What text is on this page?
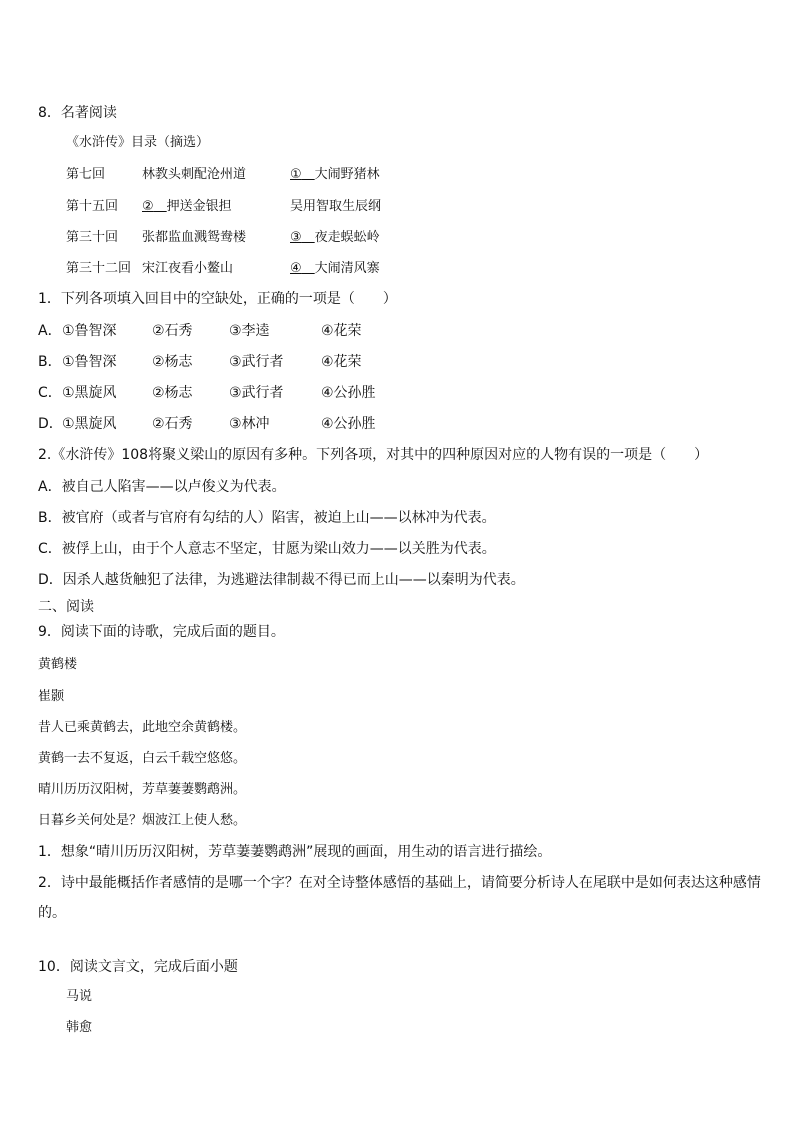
8．名著阅读
《水浒传》目录（摘选）
第七回	林教头刺配沧州道	①　 大闹野猪林
第十五回 ②　 押送金银担	吴用智取生辰纲
第三十回 张都监血溅鸳鸯楼	③　 夜走蜈蚣岭
第三十二回 宋江夜看小鳌山	④　 大闹清风寨
1．下列各项填入回目中的空缺处，正确的一项是（　　）
A． ①鲁智深	②石秀	③李逵	④花荣
B． ①鲁智深	②杨志	③武行者	④花荣
C． ①黑旋风	②杨志	③武行者	④公孙胜
D． ①黑旋风	②石秀	③林冲	④公孙胜
2.《水浒传》108将聚义梁山的原因有多种。下列各项，对其中的四种原因对应的人物有误的一项是（　　）
A．被自己人陷害——以卢俊义为代表。
B．被官府（或者与官府有勾结的人）陷害，被迫上山——以林冲为代表。
C．被俘上山，由于个人意志不坚定，甘愿为梁山效力——以关胜为代表。
D．因杀人越货触犯了法律，为逃避法律制裁不得已而上山——以秦明为代表。
二、阅读
9．阅读下面的诗歌，完成后面的题目。
黄鹤楼
崔颢
昔人已乘黄鹤去，此地空余黄鹤楼。
黄鹤一去不复返，白云千载空悠悠。
晴川历历汉阳树，芳草萋萋鹦鹉洲。
日暮乡关何处是？烟波江上使人愁。
1．想象“晴川历历汉阳树，芳草萋萋鹦鹉洲”展现的画面，用生动的语言进行描绘。
2．诗中最能概括作者感情的是哪一个字？在对全诗整体感悟的基础上，请简要分析诗人在尾联中是如何表达这种感情
的。
10．阅读文言文，完成后面小题
马说
韩愈
